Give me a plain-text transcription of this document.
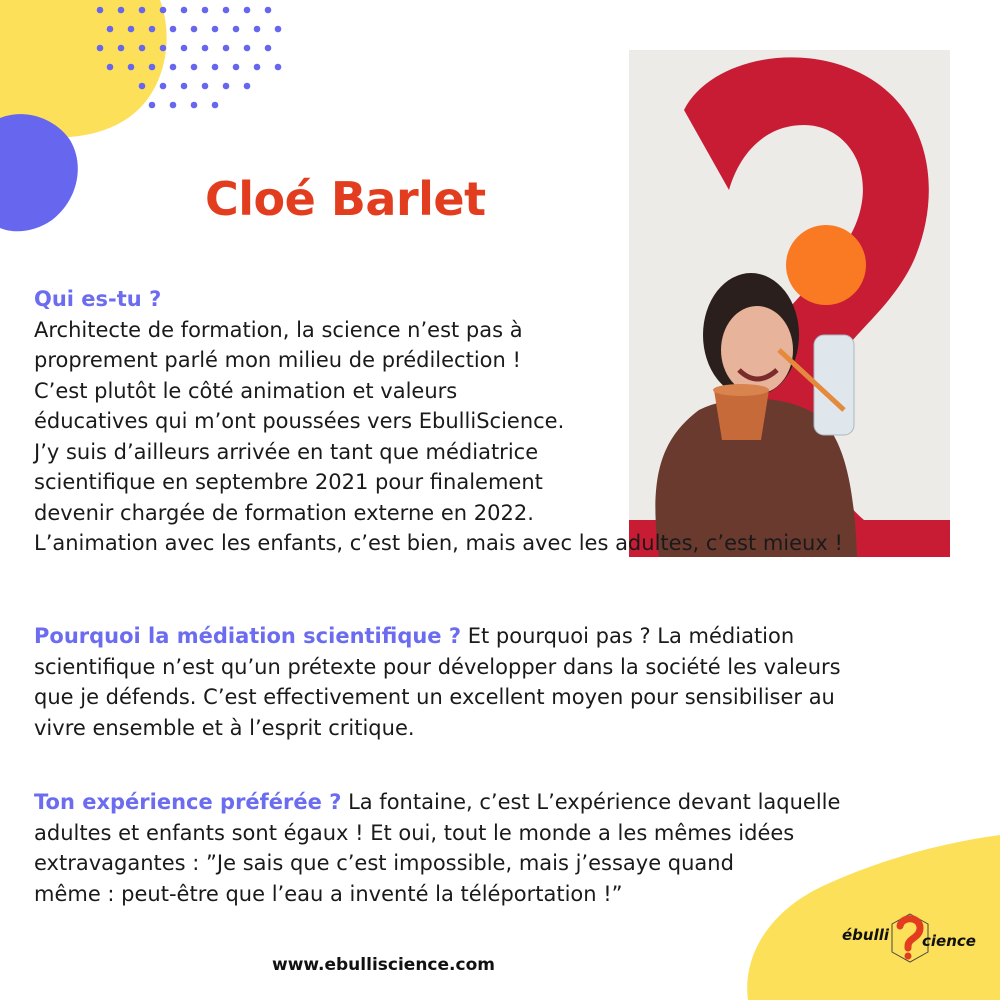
Cloé Barlet
Qui es-tu ?
Architecte de formation, la science n’est pas à
proprement parlé mon milieu de prédilection !
C’est plutôt le côté animation et valeurs
éducatives qui m’ont poussées vers EbulliScience.
J’y suis d’ailleurs arrivée en tant que médiatrice
scientifique en septembre 2021 pour finalement
devenir chargée de formation externe en 2022.
L’animation avec les enfants, c’est bien, mais avec les adultes, c’est mieux !
Pourquoi la médiation scientifique ? Et pourquoi pas ? La médiation
scientifique n’est qu’un prétexte pour développer dans la société les valeurs
que je défends. C’est effectivement un excellent moyen pour sensibiliser au
vivre ensemble et à l’esprit critique.
Ton expérience préférée ? La fontaine, c’est L’expérience devant laquelle
adultes et enfants sont égaux ! Et oui, tout le monde a les mêmes idées
extravagantes : ”Je sais que c’est impossible, mais j’essaye quand
même : peut-être que l’eau a inventé la téléportation !”
www.ebulliscience.com
ébulli cience
